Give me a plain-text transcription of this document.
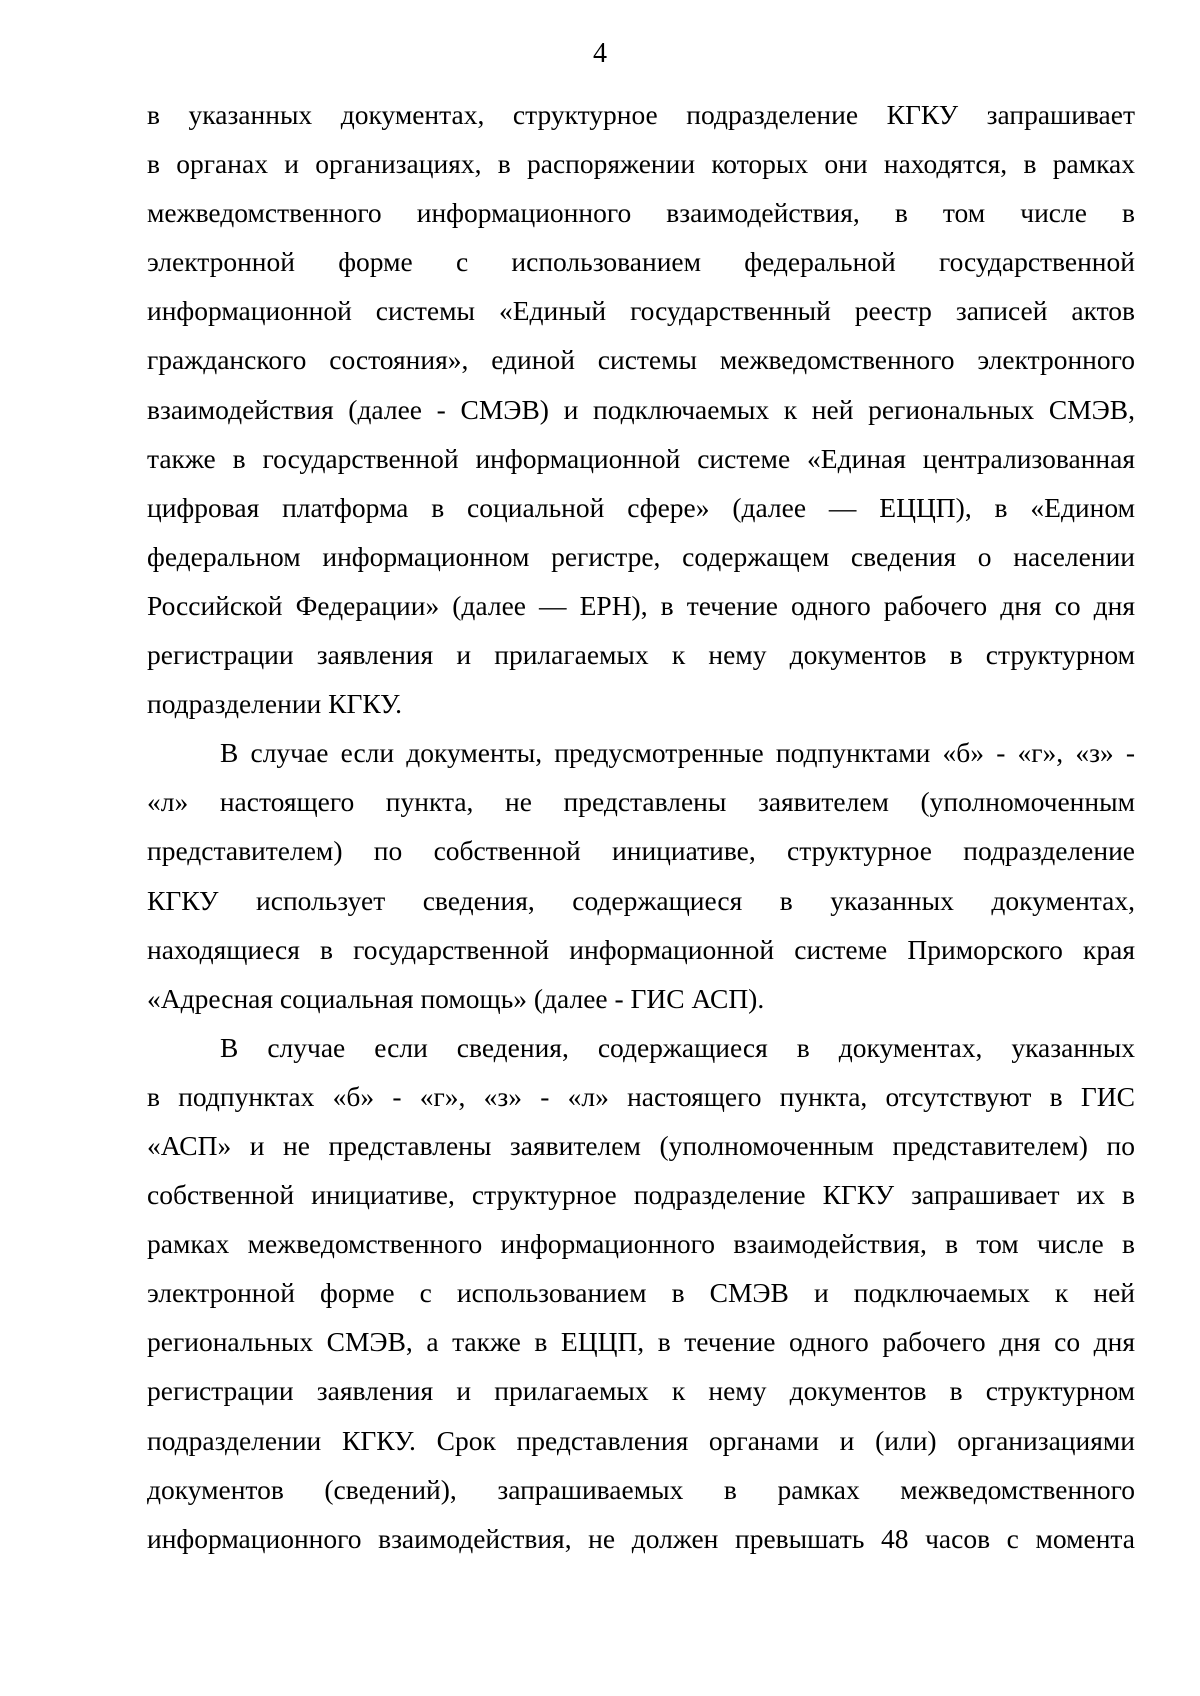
4
в указанных документах, структурное подразделение КГКУ запрашивает
в органах и организациях, в распоряжении которых они находятся, в рамках
межведомственного информационного взаимодействия, в том числе в
электронной форме с использованием федеральной государственной
информационной системы «Единый государственный реестр записей актов
гражданского состояния», единой системы межведомственного электронного
взаимодействия (далее - СМЭВ) и подключаемых к ней региональных СМЭВ,
также в государственной информационной системе «Единая централизованная
цифровая платформа в социальной сфере» (далее — ЕЦЦП), в «Едином
федеральном информационном регистре, содержащем сведения о населении
Российской Федерации» (далее — ЕРН), в течение одного рабочего дня со дня
регистрации заявления и прилагаемых к нему документов в структурном
подразделении КГКУ.
В случае если документы, предусмотренные подпунктами «б» - «г», «з» -
«л» настоящего пункта, не представлены заявителем (уполномоченным
представителем) по собственной инициативе, структурное подразделение
КГКУ использует сведения, содержащиеся в указанных документах,
находящиеся в государственной информационной системе Приморского края
«Адресная социальная помощь» (далее - ГИС АСП).
В случае если сведения, содержащиеся в документах, указанных
в подпунктах «б» - «г», «з» - «л» настоящего пункта, отсутствуют в ГИС
«АСП» и не представлены заявителем (уполномоченным представителем) по
собственной инициативе, структурное подразделение КГКУ запрашивает их в
рамках межведомственного информационного взаимодействия, в том числе в
электронной форме с использованием в СМЭВ и подключаемых к ней
региональных СМЭВ, а также в ЕЦЦП, в течение одного рабочего дня со дня
регистрации заявления и прилагаемых к нему документов в структурном
подразделении КГКУ. Срок представления органами и (или) организациями
документов (сведений), запрашиваемых в рамках межведомственного
информационного взаимодействия, не должен превышать 48 часов с момента
